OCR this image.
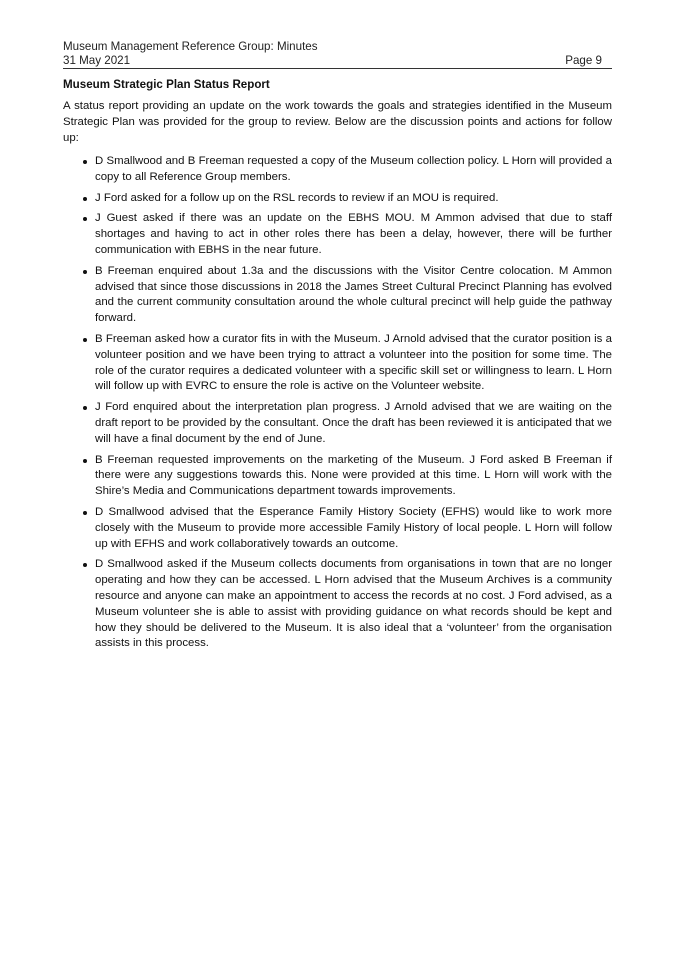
Museum Management Reference Group: Minutes
31 May 2021	Page 9
Museum Strategic Plan Status Report

A status report providing an update on the work towards the goals and strategies identified in the Museum Strategic Plan was provided for the group to review. Below are the discussion points and actions for follow up:

D Smallwood and B Freeman requested a copy of the Museum collection policy. L Horn will provided a copy to all Reference Group members.
J Ford asked for a follow up on the RSL records to review if an MOU is required.
J Guest asked if there was an update on the EBHS MOU. M Ammon advised that due to staff shortages and having to act in other roles there has been a delay, however, there will be further communication with EBHS in the near future.
B Freeman enquired about 1.3a and the discussions with the Visitor Centre colocation. M Ammon advised that since those discussions in 2018 the James Street Cultural Precinct Planning has evolved and the current community consultation around the whole cultural precinct will help guide the pathway forward.
B Freeman asked how a curator fits in with the Museum. J Arnold advised that the curator position is a volunteer position and we have been trying to attract a volunteer into the position for some time. The role of the curator requires a dedicated volunteer with a specific skill set or willingness to learn. L Horn will follow up with EVRC to ensure the role is active on the Volunteer website.
J Ford enquired about the interpretation plan progress. J Arnold advised that we are waiting on the draft report to be provided by the consultant. Once the draft has been reviewed it is anticipated that we will have a final document by the end of June.
B Freeman requested improvements on the marketing of the Museum. J Ford asked B Freeman if there were any suggestions towards this. None were provided at this time. L Horn will work with the Shire’s Media and Communications department towards improvements.
D Smallwood advised that the Esperance Family History Society (EFHS) would like to work more closely with the Museum to provide more accessible Family History of local people. L Horn will follow up with EFHS and work collaboratively towards an outcome.
D Smallwood asked if the Museum collects documents from organisations in town that are no longer operating and how they can be accessed. L Horn advised that the Museum Archives is a community resource and anyone can make an appointment to access the records at no cost. J Ford advised, as a Museum volunteer she is able to assist with providing guidance on what records should be kept and how they should be delivered to the Museum. It is also ideal that a ‘volunteer’ from the organisation assists in this process.
